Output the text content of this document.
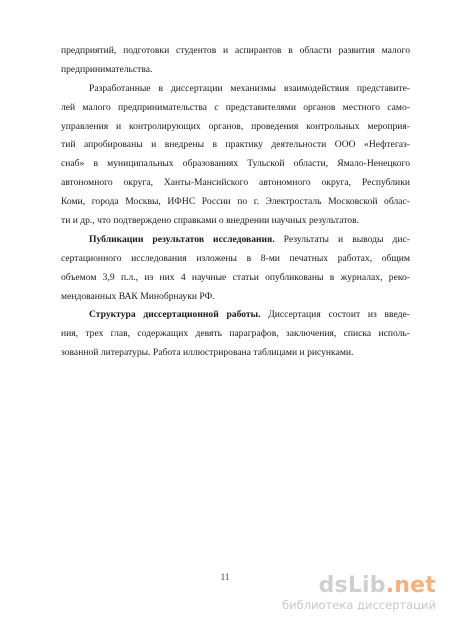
предприятий, подготовки студентов и аспирантов в области развития малого
предпринимательства.
Разработанные в диссертации механизмы взаимодействия представите-
лей малого предпринимательства с представителями органов местного само-
управления и контролирующих органов, проведения контрольных мероприя-
тий апробированы и внедрены в практику деятельности ООО «Нефтегаз-
снаб» в муниципальных образованиях Тульской области, Ямало-Ненецкого
автономного округа, Ханты-Мансийского автономного округа, Республики
Коми, города Москвы, ИФНС России по г. Электросталь Московской облас-
ти и др., что подтверждено справками о внедрении научных результатов.
Публикации результатов исследования. Результаты и выводы дис-
сертационного исследования изложены в 8-ми печатных работах, общим
объемом 3,9 п.л., из них 4 научные статьи опубликованы в журналах, реко-
мендованных ВАК Минобрнауки РФ.
Структура диссертационной работы. Диссертация состоит из введе-
ния, трех глав, содержащих девять параграфов, заключения, списка исполь-
зованной литературы. Работа иллюстрирована таблицами и рисунками.
11	dsLib.net
библиотека диссертаций
